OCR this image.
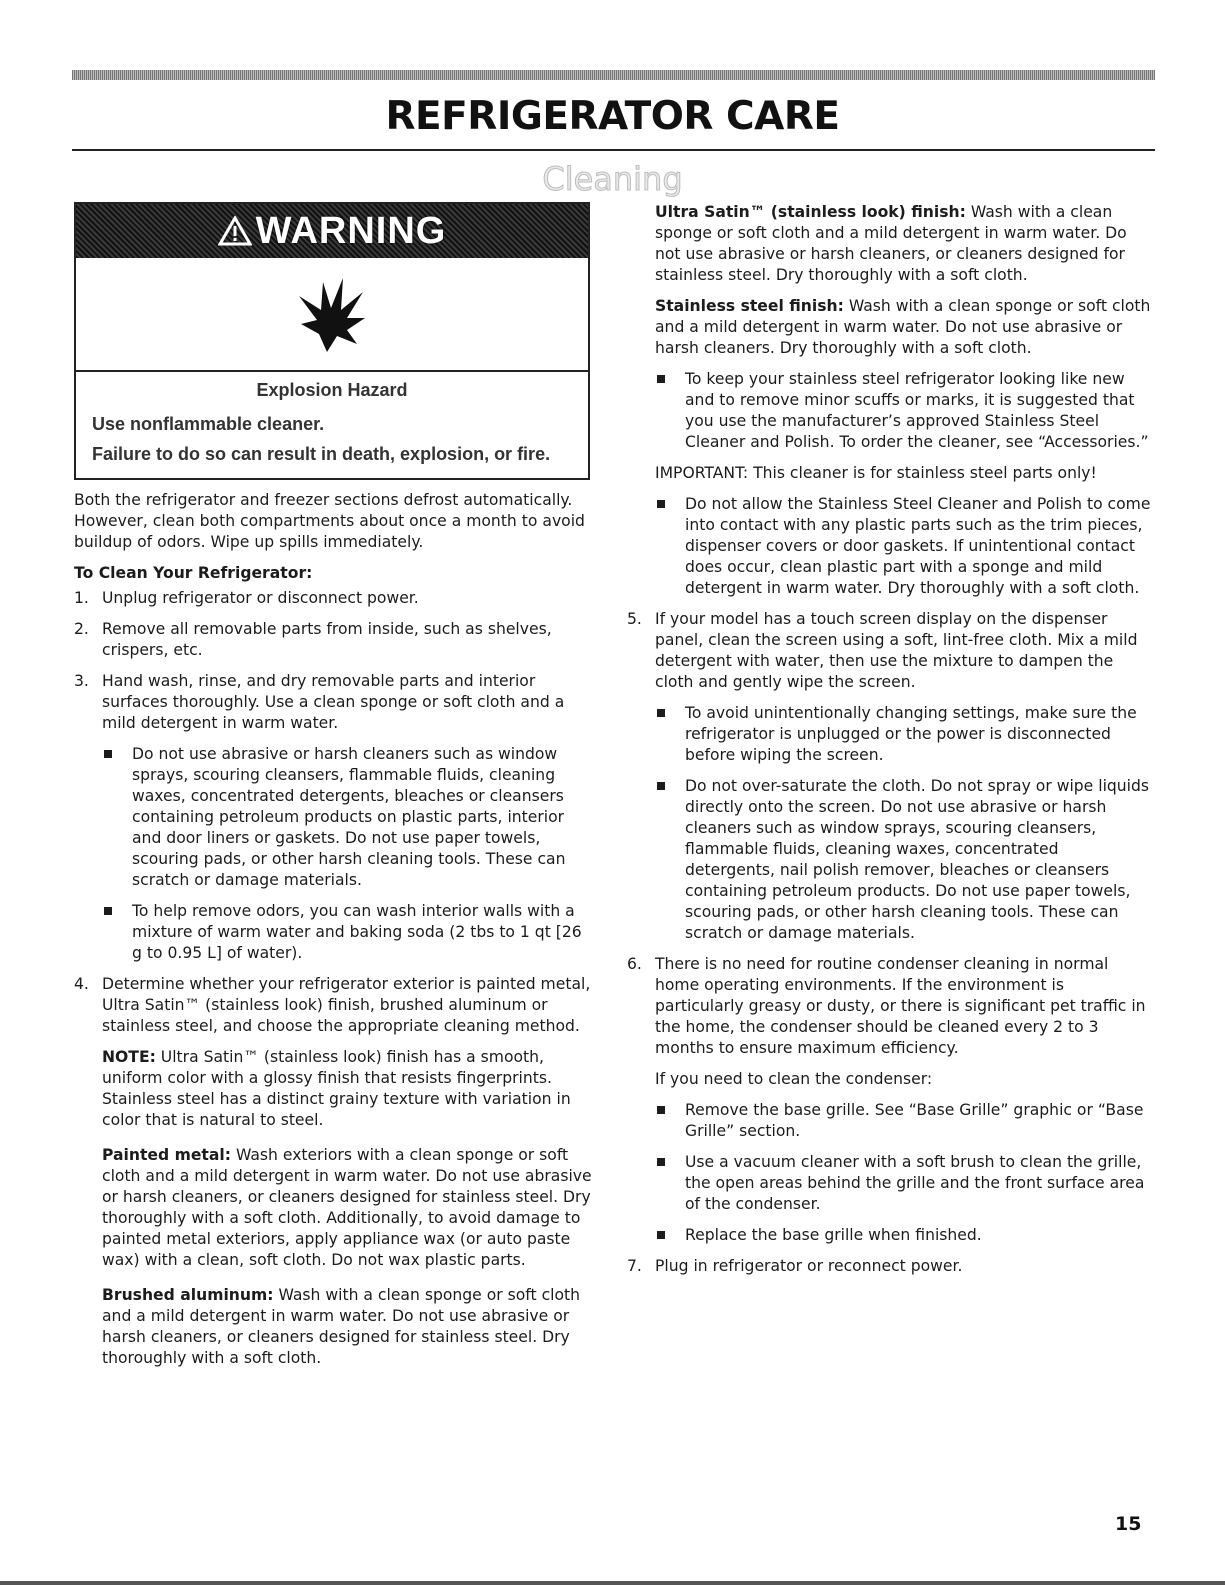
REFRIGERATOR CARE
Cleaning
WARNING
Explosion Hazard
Use nonflammable cleaner.
Failure to do so can result in death, explosion, or fire.

Both the refrigerator and freezer sections defrost automatically. However, clean both compartments about once a month to avoid buildup of odors. Wipe up spills immediately.

To Clean Your Refrigerator:

1. Unplug refrigerator or disconnect power.
2. Remove all removable parts from inside, such as shelves, crispers, etc.
3. Hand wash, rinse, and dry removable parts and interior surfaces thoroughly. Use a clean sponge or soft cloth and a mild detergent in warm water.
Do not use abrasive or harsh cleaners such as window sprays, scouring cleansers, flammable fluids, cleaning waxes, concentrated detergents, bleaches or cleansers containing petroleum products on plastic parts, interior and door liners or gaskets. Do not use paper towels, scouring pads, or other harsh cleaning tools. These can scratch or damage materials.
To help remove odors, you can wash interior walls with a mixture of warm water and baking soda (2 tbs to 1 qt [26 g to 0.95 L] of water).
4. Determine whether your refrigerator exterior is painted metal, Ultra Satin™ (stainless look) finish, brushed aluminum or stainless steel, and choose the appropriate cleaning method.

NOTE: Ultra Satin™ (stainless look) finish has a smooth, uniform color with a glossy finish that resists fingerprints. Stainless steel has a distinct grainy texture with variation in color that is natural to steel.

Painted metal: Wash exteriors with a clean sponge or soft cloth and a mild detergent in warm water. Do not use abrasive or harsh cleaners, or cleaners designed for stainless steel. Dry thoroughly with a soft cloth. Additionally, to avoid damage to painted metal exteriors, apply appliance wax (or auto paste wax) with a clean, soft cloth. Do not wax plastic parts.

Brushed aluminum: Wash with a clean sponge or soft cloth and a mild detergent in warm water. Do not use abrasive or harsh cleaners, or cleaners designed for stainless steel. Dry thoroughly with a soft cloth.

Ultra Satin™ (stainless look) finish: Wash with a clean sponge or soft cloth and a mild detergent in warm water. Do not use abrasive or harsh cleaners, or cleaners designed for stainless steel. Dry thoroughly with a soft cloth.

Stainless steel finish: Wash with a clean sponge or soft cloth and a mild detergent in warm water. Do not use abrasive or harsh cleaners. Dry thoroughly with a soft cloth.

To keep your stainless steel refrigerator looking like new and to remove minor scuffs or marks, it is suggested that you use the manufacturer’s approved Stainless Steel Cleaner and Polish. To order the cleaner, see “Accessories.”

IMPORTANT: This cleaner is for stainless steel parts only!

Do not allow the Stainless Steel Cleaner and Polish to come into contact with any plastic parts such as the trim pieces, dispenser covers or door gaskets. If unintentional contact does occur, clean plastic part with a sponge and mild detergent in warm water. Dry thoroughly with a soft cloth.
5. If your model has a touch screen display on the dispenser panel, clean the screen using a soft, lint-free cloth. Mix a mild detergent with water, then use the mixture to dampen the cloth and gently wipe the screen.
To avoid unintentionally changing settings, make sure the refrigerator is unplugged or the power is disconnected before wiping the screen.
Do not over-saturate the cloth. Do not spray or wipe liquids directly onto the screen. Do not use abrasive or harsh cleaners such as window sprays, scouring cleansers, flammable fluids, cleaning waxes, concentrated detergents, nail polish remover, bleaches or cleansers containing petroleum products. Do not use paper towels, scouring pads, or other harsh cleaning tools. These can scratch or damage materials.
6. There is no need for routine condenser cleaning in normal home operating environments. If the environment is particularly greasy or dusty, or there is significant pet traffic in the home, the condenser should be cleaned every 2 to 3 months to ensure maximum efficiency.

If you need to clean the condenser:

Remove the base grille. See “Base Grille” graphic or “Base Grille” section.
Use a vacuum cleaner with a soft brush to clean the grille, the open areas behind the grille and the front surface area of the condenser.
Replace the base grille when finished.
7. Plug in refrigerator or reconnect power.
15
